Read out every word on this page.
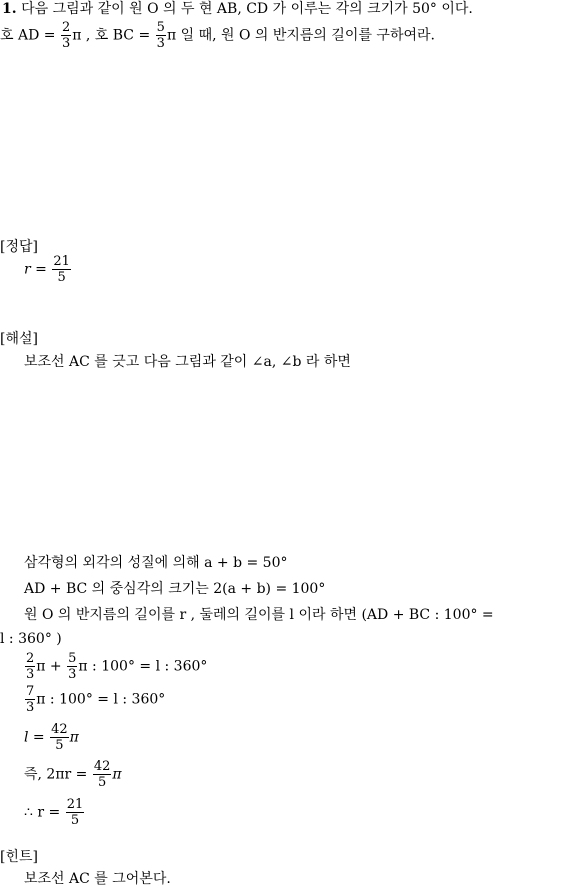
1. 다음 그림과 같이 원 O 의 두 현 AB, CD 가 이루는 각의 크기가 50° 이다.
호 AD = $\frac{2}{3}$ π , 호 BC = $\frac{5}{3}$ π 일 때, 원 O 의 반지름의 길이를 구하여라.
[정답]
$r = \frac{21}{5}$
[해설]
보조선 AC 를 긋고 다음 그림과 같이 ∠a, ∠b 라 하면
삼각형의 외각의 성질에 의해 a + b = 50°
AD + BC 의 중심각의 크기는 2(a + b) = 100°
원 O 의 반지름의 길이를 r , 둘레의 길이를 l 이라 하면 (AD + BC : 100° =
l : 360° )
$\frac{2}{3}$ $\pi + \frac{5}{3}$ π : 100° = l : 360°
$\frac{7}{3}$ π : 100° = l : 360°
$l = \frac{42}{5}$ π
즉, $2\pi r = \frac{42}{5}$ π
∴ $r = \frac{21}{5}$
[힌트]
보조선 AC 를 그어본다.
